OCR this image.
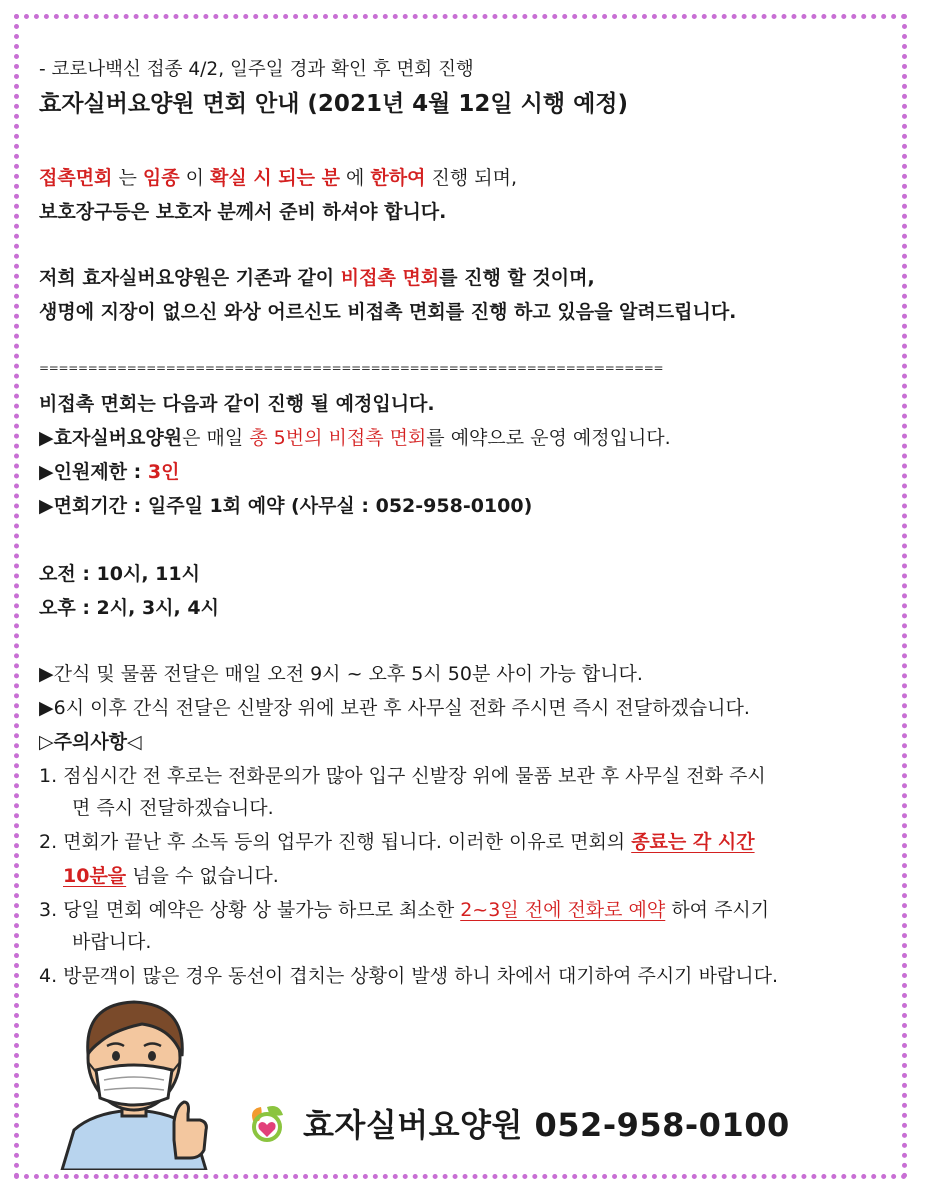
- 코로나백신 접종 4/2, 일주일 경과 확인 후 면회 진행
효자실버요양원 면회 안내 (2021년 4월 12일 시행 예정)
접촉면회 는 임종 이 확실 시 되는 분 에 한하여 진행 되며,
보호장구등은 보호자 분께서 준비 하셔야 합니다.
저희 효자실버요양원은 기존과 같이 비접촉 면회를 진행 할 것이며,
생명에 지장이 없으신 와상 어르신도 비접촉 면회를 진행 하고 있음을 알려드립니다.
================================================================
비접촉 면회는 다음과 같이 진행 될 예정입니다.
▶효자실버요양원은 매일 총 5번의 비접촉 면회를 예약으로 운영 예정입니다.
▶인원제한 : 3인
▶면회기간 : 일주일 1회 예약 (사무실 : 052-958-0100)
오전 : 10시, 11시
오후 : 2시, 3시, 4시
▶간식 및 물품 전달은 매일 오전 9시 ~ 오후 5시 50분 사이 가능 합니다.
▶6시 이후 간식 전달은 신발장 위에 보관 후 사무실 전화 주시면 즉시 전달하겠습니다.
▷주의사항◁
1. 점심시간 전 후로는 전화문의가 많아 입구 신발장 위에 물품 보관 후 사무실 전화 주시
면 즉시 전달하겠습니다.
2. 면회가 끝난 후 소독 등의 업무가 진행 됩니다. 이러한 이유로 면회의 종료는 각 시간
10분을 넘을 수 없습니다.
3. 당일 면회 예약은 상황 상 불가능 하므로 최소한 2~3일 전에 전화로 예약 하여 주시기
바랍니다.
4. 방문객이 많은 경우 동선이 겹치는 상황이 발생 하니 차에서 대기하여 주시기 바랍니다.
효자실버요양원 052-958-0100
